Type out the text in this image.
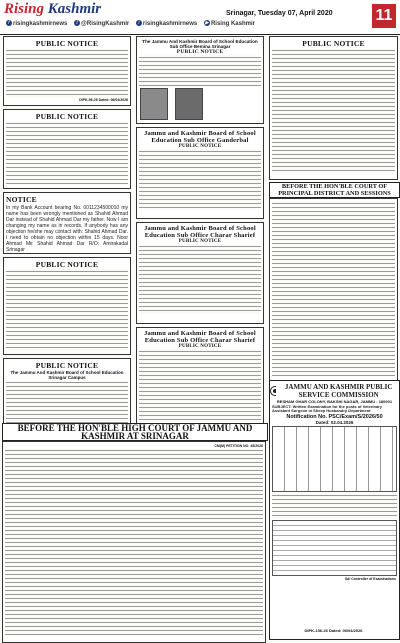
Rising Kashmir
f risingkashmirnews t @RisingKashmir i risingkashmirnews ▶ Rising Kashmir
Srinagar, Tuesday 07, April 2020	11
PUBLIC NOTICE
DIPK-56-26 Dated: 06/04/2026
PUBLIC NOTICE
NOTICE
In my Bank Account bearing No. 0011234500010 my name has been wrongly mentioned as Shahid Ahmad Dar instead of Shahid Ahmad Dar my father. Now I am changing my name as in records. If anybody has any objection he/she may contact with: Shahid Ahmad Dar. I need to obtain no objection within 15 days. Noor Ahmad Mir Shahid Ahmad Dar R/O: Amirakadal Srinagar
PUBLIC NOTICE
PUBLIC NOTICE
The Jammu And Kashmir Board of School Education Srinagar Campus
The Jammu And Kashmir Board of School Education Sub Office Bemina Srinagar
PUBLIC NOTICE

Jammu and Kashmir Board of School Education Sub Office Ganderbal
PUBLIC NOTICE
Jammu and Kashmir Board of School Education Sub Office Charar Sharief
PUBLIC NOTICE
Jammu and Kashmir Board of School Education Sub Office Charar Sharief
PUBLIC NOTICE
PUBLIC NOTICE
BEFORE THE HON'BLE COURT OF PRINCIPAL DISTRICT AND SESSIONS
JAMMU AND KASHMIR PUBLIC SERVICE COMMISSION
RESHAM GHAR COLONY, BAKSHI NAGAR, JAMMU - 180001
SUBJECT: Written Examination for the posts of Veterinary Assistant Surgeon in Sheep Husbandry Department
Notification No. PSC/Exam/S/2026/50
Dated: 02.04.2026
Sd/ Controller of Examinations
DIPK-156-26 Dated: 06/04/2026
BEFORE THE HON'BLE HIGH COURT OF JAMMU AND KASHMIR AT SRINAGAR
CM(M) PETITION NO. 45/2026
